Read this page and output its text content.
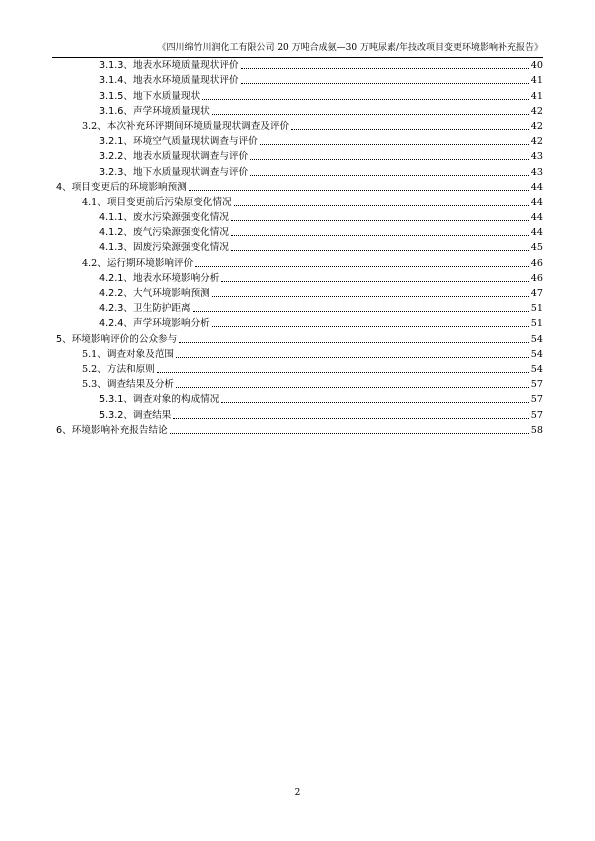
《四川绵竹川润化工有限公司 20 万吨合成氨—30 万吨尿素/年技改项目变更环境影响补充报告》
3.1.3、地表水环境质量现状评价	40
3.1.4、地表水环境质量现状评价	41
3.1.5、地下水质量现状	41
3.1.6、声学环境质量现状	42
3.2、本次补充环评期间环境质量现状调查及评价	42
3.2.1、环境空气质量现状调查与评价	42
3.2.2、地表水质量现状调查与评价	43
3.2.3、地下水质量现状调查与评价	43
4、项目变更后的环境影响预测	44
4.1、项目变更前后污染原变化情况	44
4.1.1、废水污染源强变化情况	44
4.1.2、废气污染源强变化情况	44
4.1.3、固废污染源强变化情况	45
4.2、运行期环境影响评价	46
4.2.1、地表水环境影响分析	46
4.2.2、大气环境影响预测	47
4.2.3、卫生防护距离	51
4.2.4、声学环境影响分析	51
5、环境影响评价的公众参与	54
5.1、调查对象及范围	54
5.2、方法和原则	54
5.3、调查结果及分析	57
5.3.1、调查对象的构成情况	57
5.3.2、调查结果	57
6、环境影响补充报告结论	58
2
